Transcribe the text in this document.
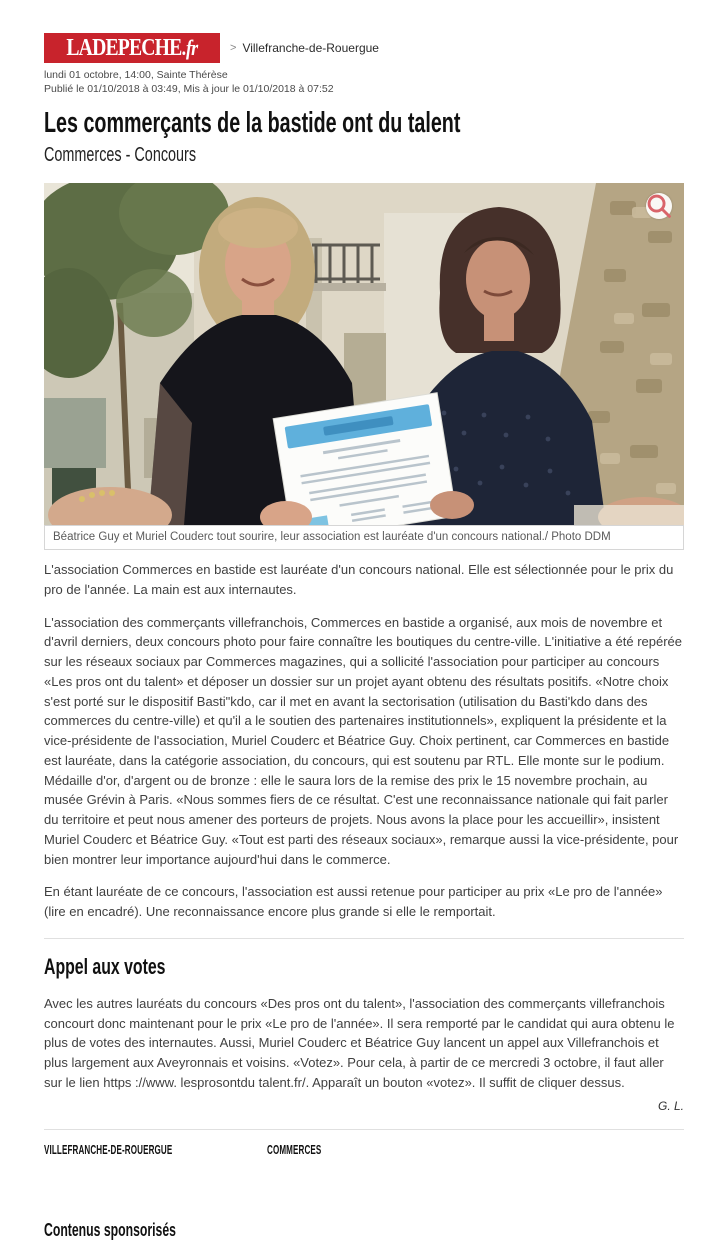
LADEPECHE.fr	> Villefranche-de-Rouergue
lundi 01 octobre, 14:00, Sainte Thérèse
Publié le 01/10/2018 à 03:49, Mis à jour le 01/10/2018 à 07:52
Les commerçants de la bastide ont du talent
Commerces - Concours
Béatrice Guy et Muriel Couderc tout sourire, leur association est lauréate d'un concours national./ Photo DDM

L'association Commerces en bastide est lauréate d'un concours national. Elle est sélectionnée pour le prix du pro de l'année. La main est aux internautes.

L'association des commerçants villefranchois, Commerces en bastide a organisé, aux mois de novembre et d'avril derniers, deux concours photo pour faire connaître les boutiques du centre-ville. L'initiative a été repérée sur les réseaux sociaux par Commerces magazines, qui a sollicité l'association pour participer au concours «Les pros ont du talent» et déposer un dossier sur un projet ayant obtenu des résultats positifs. «Notre choix s'est porté sur le dispositif Basti"kdo, car il met en avant la sectorisation (utilisation du Basti'kdo dans des commerces du centre-ville) et qu'il a le soutien des partenaires institutionnels», expliquent la présidente et la vice-présidente de l'association, Muriel Couderc et Béatrice Guy. Choix pertinent, car Commerces en bastide est lauréate, dans la catégorie association, du concours, qui est soutenu par RTL. Elle monte sur le podium. Médaille d'or, d'argent ou de bronze : elle le saura lors de la remise des prix le 15 novembre prochain, au musée Grévin à Paris. «Nous sommes fiers de ce résultat. C'est une reconnaissance nationale qui fait parler du territoire et peut nous amener des porteurs de projets. Nous avons la place pour les accueillir», insistent Muriel Couderc et Béatrice Guy. «Tout est parti des réseaux sociaux», remarque aussi la vice-présidente, pour bien montrer leur importance aujourd'hui dans le commerce.

En étant lauréate de ce concours, l'association est aussi retenue pour participer au prix «Le pro de l'année» (lire en encadré). Une reconnaissance encore plus grande si elle le remportait.

Appel aux votes

Avec les autres lauréats du concours «Des pros ont du talent», l'association des commerçants villefranchois concourt donc maintenant pour le prix «Le pro de l'année». Il sera remporté par le candidat qui aura obtenu le plus de votes des internautes. Aussi, Muriel Couderc et Béatrice Guy lancent un appel aux Villefranchois et plus largement aux Aveyronnais et voisins. «Votez». Pour cela, à partir de ce mercredi 3 octobre, il faut aller sur le lien https ://www. lesprosontdu talent.fr/. Apparaît un bouton «votez». Il suffit de cliquer dessus.

G. L.
VILLEFRANCHE-DE-ROUERGUE	COMMERCES
Contenus sponsorisés
